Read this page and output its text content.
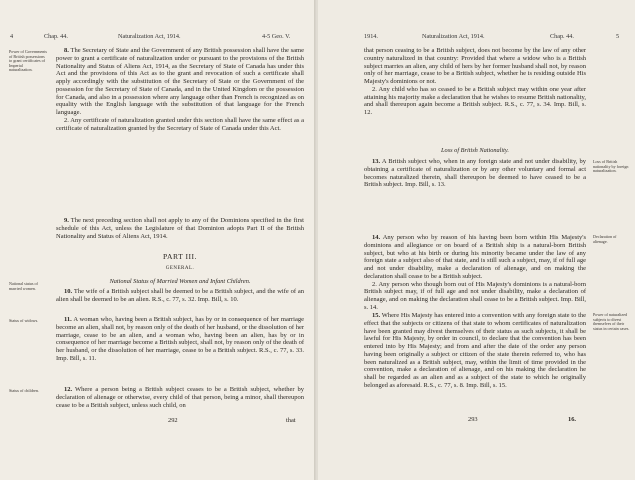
4	Chap. 44.	Naturalization Act, 1914.	4-5 Geo. V.
Power of Governments of British possessions to grant certificates of Imperial naturalization.
National status of married women.
Status of widows.
Status of children.

8. The Secretary of State and the Government of any British possession shall have the same power to grant a certificate of naturalization under or pursuant to the provisions of the British Nationality and Status of Aliens Act, 1914, as the Secretary of State of Canada has under this Act and the provisions of this Act as to the grant and revocation of such a certificate shall apply accordingly with the substitution of the Secretary of State or the Government of the possession for the Secretary of State of Canada, and in the United Kingdom or the possession for Canada, and also in a possession where any language other than French is recognized as on equality with the English language with the substitution of that language for the French language.

2. Any certificate of naturalization granted under this section shall have the same effect as a certificate of naturalization granted by the Secretary of State of Canada under this Act.

9. The next preceding section shall not apply to any of the Dominions specified in the first schedule of this Act, unless the Legislature of that Dominion adopts Part II of the British Nationality and Status of Aliens Act, 1914.

PART III.
GENERAL.
National Status of Married Women and Infant Children.

10. The wife of a British subject shall be deemed to be a British subject, and the wife of an alien shall be deemed to be an alien. R.S., c. 77, s. 32. Imp. Bill, s. 10.

11. A woman who, having been a British subject, has by or in consequence of her marriage become an alien, shall not, by reason only of the death of her husband, or the dissolution of her marriage, cease to be an alien, and a woman who, having been an alien, has by or in consequence of her marriage become a British subject, shall not, by reason only of the death of her husband, or the dissolution of her marriage, cease to be a British subject. R.S., c. 77, s. 33. Imp. Bill, s. 11.

12. Where a person being a British subject ceases to be a British subject, whether by declaration of alienage or otherwise, every child of that person, being a minor, shall thereupon cease to be a British subject, unless such child, on

292	that
1914.	Naturalization Act, 1914.	Chap. 44.	5

that person ceasing to be a British subject, does not become by the law of any other country naturalized in that country: Provided that where a widow who is a British subject marries an alien, any child of hers by her former husband shall not, by reason only of her marriage, cease to be a British subject, whether he is residing outside His Majesty's dominions or not.

2. Any child who has so ceased to be a British subject may within one year after attaining his majority make a declaration that he wishes to resume British nationality, and shall thereupon again become a British subject. R.S., c. 77, s. 34. Imp. Bill, s. 12.

Loss of British Nationality.
Loss of British nationality by foreign naturalization.
Declaration of alienage.
Power of naturalized subjects to divest themselves of their status in certain cases.

13. A British subject who, when in any foreign state and not under disability, by obtaining a certificate of naturalization or by any other voluntary and formal act becomes naturalized therein, shall thereupon be deemed to have ceased to be a British subject. Imp. Bill, s. 13.

14. Any person who by reason of his having been born within His Majesty's dominions and allegiance or on board of a British ship is a natural-born British subject, but who at his birth or during his minority became under the law of any foreign state a subject also of that state, and is still such a subject, may, if of full age and not under disability, make a declaration of alienage, and on making the declaration shall cease to be a British subject.

2. Any person who though born out of His Majesty's dominions is a natural-born British subject may, if of full age and not under disability, make a declaration of alienage, and on making the declaration shall cease to be a British subject. Imp. Bill, s. 14.

15. Where His Majesty has entered into a convention with any foreign state to the effect that the subjects or citizens of that state to whom certificates of naturalization have been granted may divest themselves of their status as such subjects, it shall be lawful for His Majesty, by order in council, to declare that the convention has been entered into by His Majesty; and from and after the date of the order any person having been originally a subject or citizen of the state therein referred to, who has been naturalized as a British subject, may, within the limit of time provided in the convention, make a declaration of alienage, and on his making the declaration he shall be regarded as an alien and as a subject of the state to which he originally belonged as aforesaid. R.S., c. 77, s. 8. Imp. Bill, s. 15.

293	16.
